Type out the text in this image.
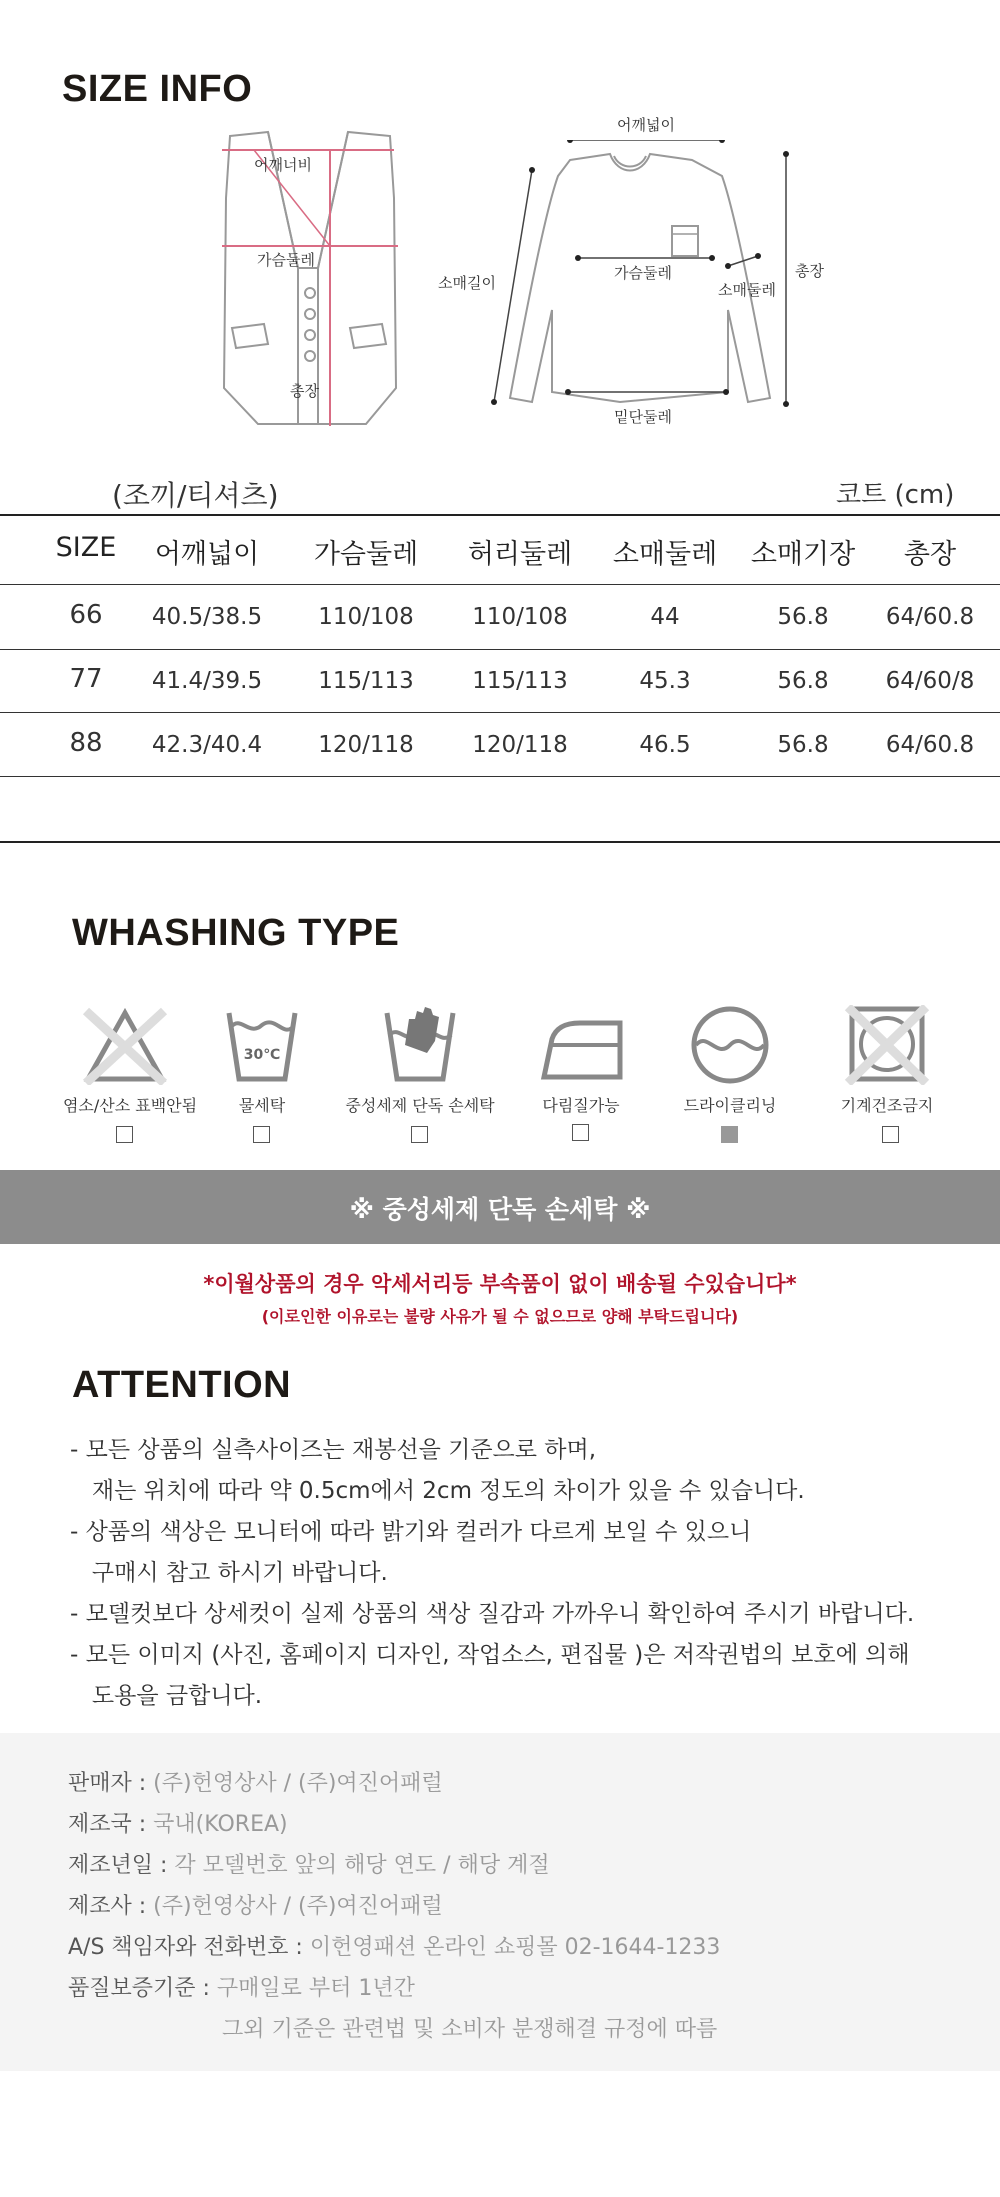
SIZE INFO
어깨너비
가슴둘레
총장
어깨넓이
소매길이
가슴둘레
소매둘레
총장
밑단둘레
(조끼/티셔츠)	코트 (cm)
SIZE	어깨넓이	가슴둘레	허리둘레	소매둘레	소매기장	총장
66	40.5/38.5	110/108	110/108	44	56.8	64/60.8
77	41.4/39.5	115/113	115/113	45.3	56.8	64/60/8
88	42.3/40.4	120/118	120/118	46.5	56.8	64/60.8
WHASHING TYPE
30℃
염소/산소 표백안됨	물세탁	중성세제 단독 손세탁	다림질가능	드라이클리닝	기계건조금지
※ 중성세제 단독 손세탁 ※
*이월상품의 경우 악세서리등 부속품이 없이 배송될 수있습니다*
(이로인한 이유로는 불량 사유가 될 수 없으므로 양해 부탁드립니다)
ATTENTION
- 모든 상품의 실측사이즈는 재봉선을 기준으로 하며,
재는 위치에 따라 약 0.5cm에서 2cm 정도의 차이가 있을 수 있습니다.
- 상품의 색상은 모니터에 따라 밝기와 컬러가 다르게 보일 수 있으니
구매시 참고 하시기 바랍니다.
- 모델컷보다 상세컷이 실제 상품의 색상 질감과 가까우니 확인하여 주시기 바랍니다.
- 모든 이미지 (사진, 홈페이지 디자인, 작업소스, 편집물 )은 저작권법의 보호에 의해
도용을 금합니다.
판매자 : (주)헌영상사 / (주)여진어패럴
제조국 : 국내(KOREA)
제조년일 : 각 모델번호 앞의 해당 연도 / 해당 계절
제조사 : (주)헌영상사 / (주)여진어패럴
A/S 책임자와 전화번호 : 이헌영패션 온라인 쇼핑몰 02-1644-1233
품질보증기준 : 구매일로 부터 1년간
그외 기준은 관련법 및 소비자 분쟁해결 규정에 따름
